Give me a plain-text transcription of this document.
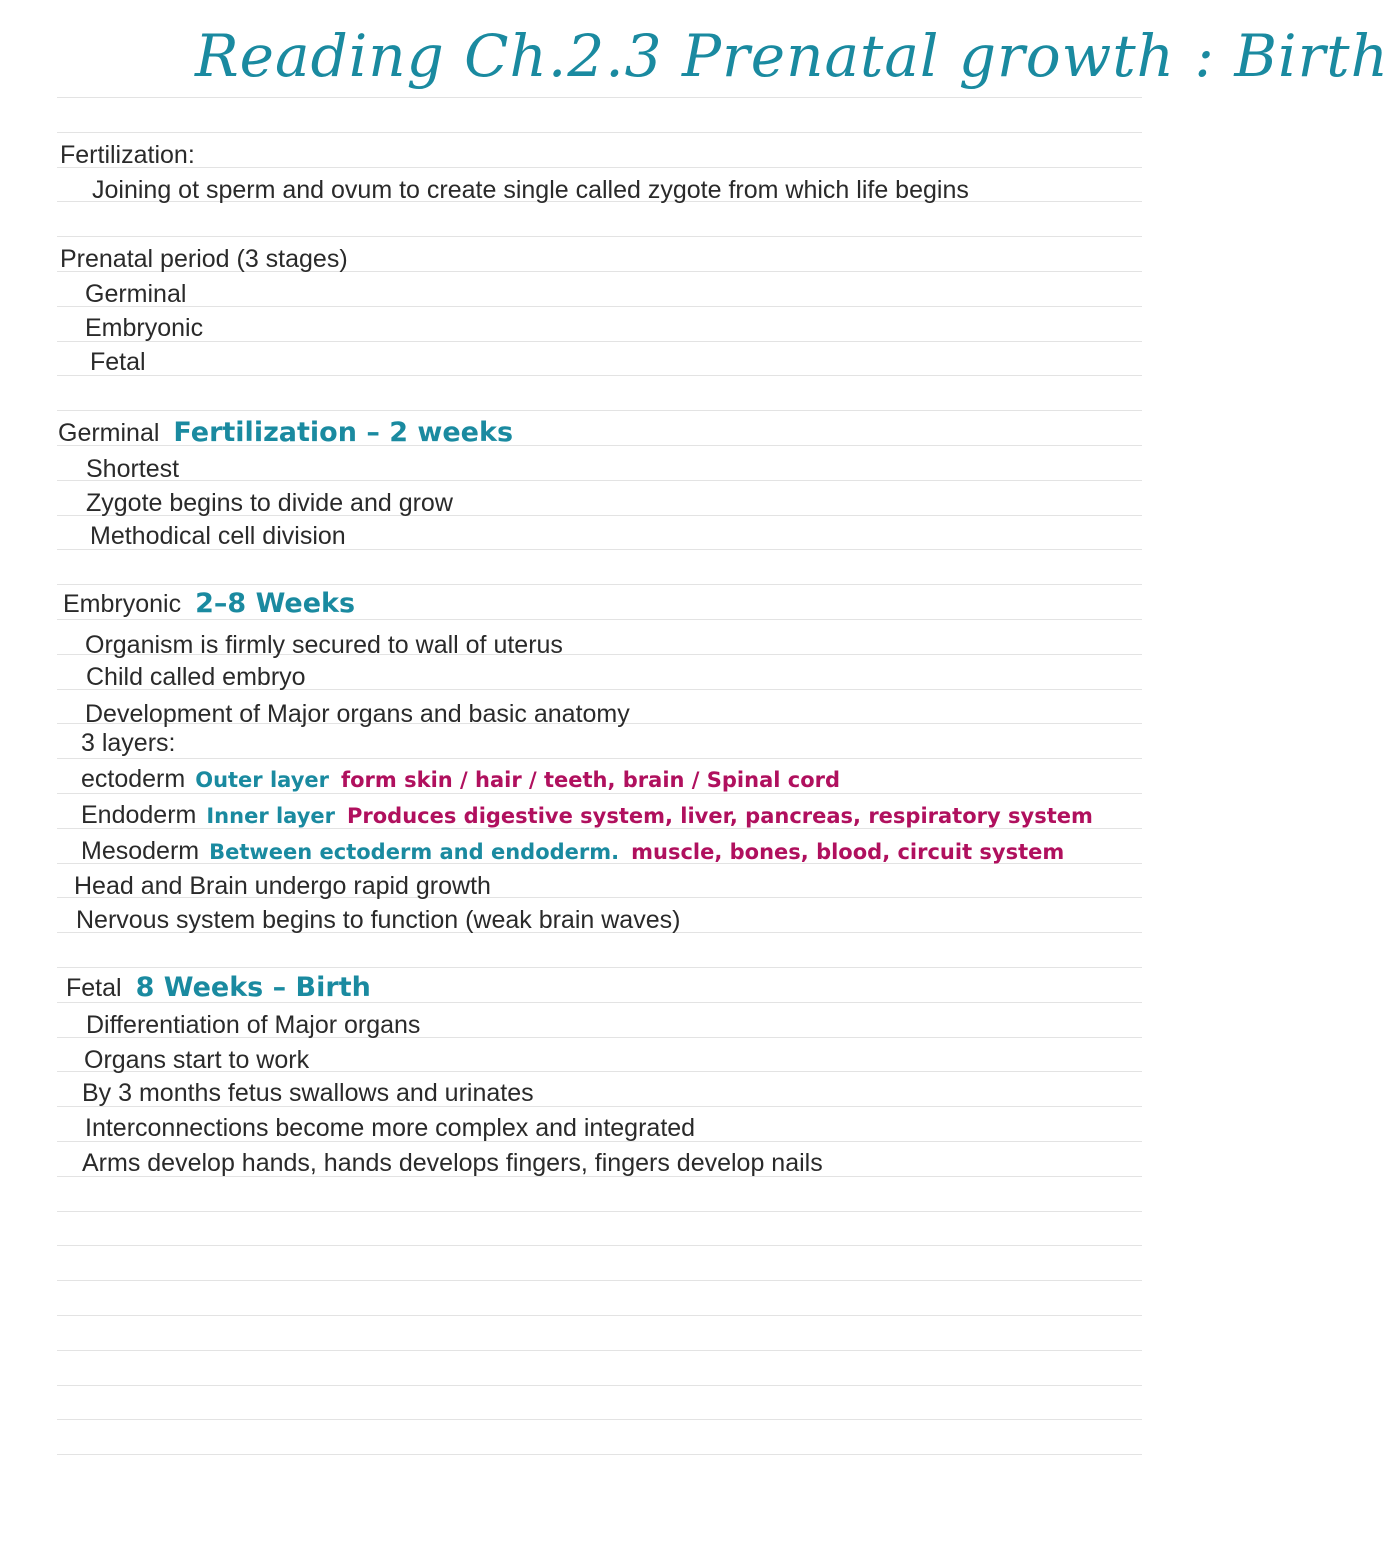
Reading Ch.2.3 Prenatal growth : Birth
Fertilization:
Joining ot sperm and ovum to create single called zygote from which life begins
Prenatal period (3 stages)
Germinal
Embryonic
Fetal
Germinal Fertilization – 2 weeks
Shortest
Zygote begins to divide and grow
Methodical cell division
Embryonic 2–8 Weeks
Organism is firmly secured to wall of uterus
Child called embryo
Development of Major organs and basic anatomy
3 layers:
ectoderm Outer layer form skin / hair / teeth, brain / Spinal cord
Endoderm Inner layer Produces digestive system, liver, pancreas, respiratory system
Mesoderm Between ectoderm and endoderm. muscle, bones, blood, circuit system
Head and Brain undergo rapid growth
Nervous system begins to function (weak brain waves)
Fetal 8 Weeks – Birth
Differentiation of Major organs
Organs start to work
By 3 months fetus swallows and urinates
Interconnections become more complex and integrated
Arms develop hands, hands develops fingers, fingers develop nails
